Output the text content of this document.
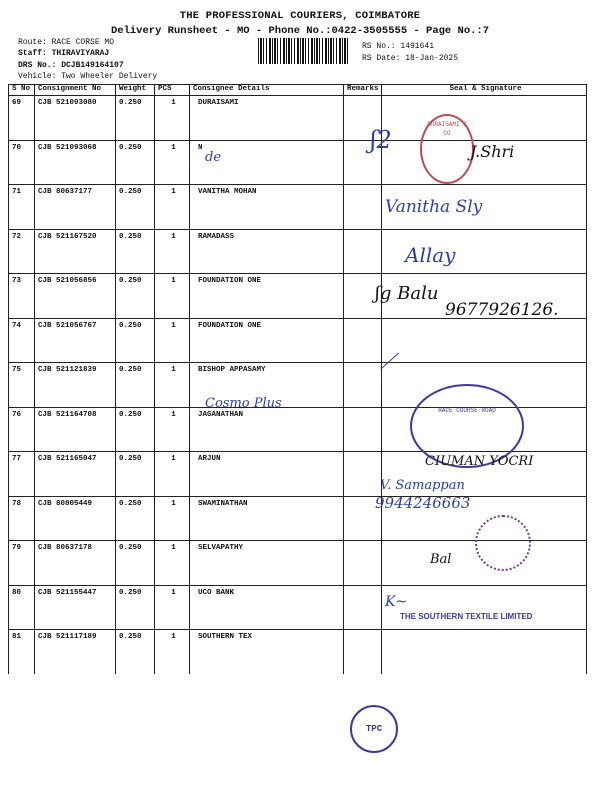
THE PROFESSIONAL COURIERS, COIMBATORE
Delivery Runsheet - MO - Phone No.:0422-3505555 - Page No.:7
Route: RACE CORSE MO
Staff: THIRAVIYARAJ
DRS No.: DCJB149164107
Vehicle: Two Wheeler Delivery
RS No.: 1491641
RS Date: 18-Jan-2025
S No	Consignment No	Weight	PCS	Consignee Details	Remarks	Seal & Signature
69	CJB 521093080	0.250	1	DURAISAMI		
70	CJB 521093068	0.250	1	N		
71	CJB 80637177	0.250	1	VANITHA MOHAN		
72	CJB 521167520	0.250	1	RAMADASS		
73	CJB 521056856	0.250	1	FOUNDATION ONE		
74	CJB 521056767	0.250	1	FOUNDATION ONE		
75	CJB 521121839	0.250	1	BISHOP APPASAMY		
76	CJB 521164708	0.250	1	JAGANATHAN		
77	CJB 521165047	0.250	1	ARJUN		
78	CJB 80805449	0.250	1	SWAMINATHAN		
79	CJB 80637178	0.250	1	SELVAPATHY		
80	CJB 521155447	0.250	1	UCO BANK		
81	CJB 521117189	0.250	1	SOUTHERN TEX		
ʃ2
DURAISAMI & CO
J.Shri
de
Vanitha Sly
Allay
ʃg Balu
9677926126.
⟋
Cosmo Plus	RACE COURSE ROAD
CIUMAN YOCRI
V. Samappan
9944246663
Bal
K~
THE SOUTHERN TEXTILE LIMITED
TPC
